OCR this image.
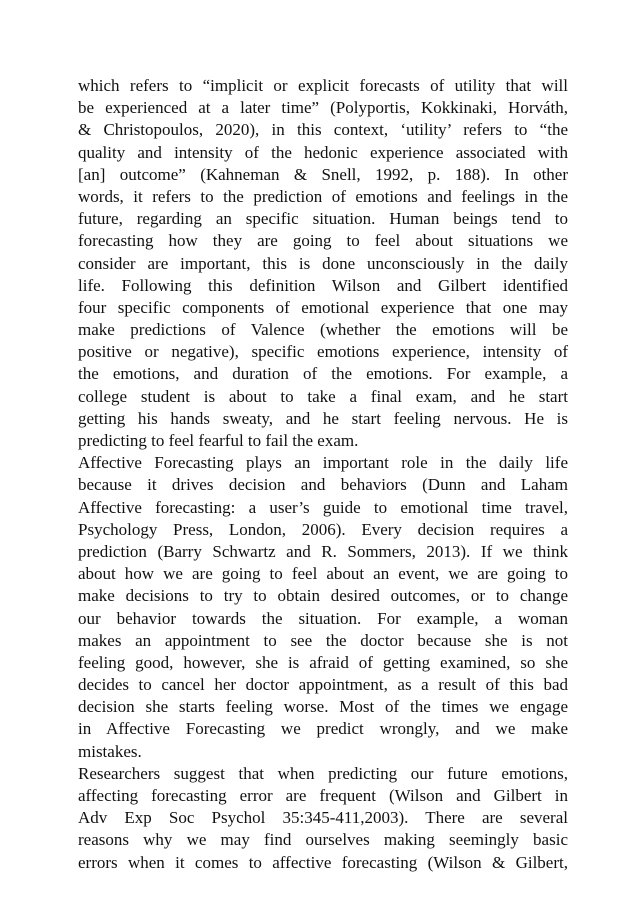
which refers to “implicit or explicit forecasts of utility that will
be experienced at a later time” (Polyportis, Kokkinaki, Horváth,
& Christopoulos, 2020), in this context, ‘utility’ refers to “the
quality and intensity of the hedonic experience associated with
[an] outcome” (Kahneman & Snell, 1992, p. 188). In other
words, it refers to the prediction of emotions and feelings in the
future, regarding an specific situation. Human beings tend to
forecasting how they are going to feel about situations we
consider are important, this is done unconsciously in the daily
life. Following this definition Wilson and Gilbert identified
four specific components of emotional experience that one may
make predictions of Valence (whether the emotions will be
positive or negative), specific emotions experience, intensity of
the emotions, and duration of the emotions. For example, a
college student is about to take a final exam, and he start
getting his hands sweaty, and he start feeling nervous. He is
predicting to feel fearful to fail the exam.
Affective Forecasting plays an important role in the daily life
because it drives decision and behaviors (Dunn and Laham
Affective forecasting: a user’s guide to emotional time travel,
Psychology Press, London, 2006). Every decision requires a
prediction (Barry Schwartz and R. Sommers, 2013). If we think
about how we are going to feel about an event, we are going to
make decisions to try to obtain desired outcomes, or to change
our behavior towards the situation. For example, a woman
makes an appointment to see the doctor because she is not
feeling good, however, she is afraid of getting examined, so she
decides to cancel her doctor appointment, as a result of this bad
decision she starts feeling worse. Most of the times we engage
in Affective Forecasting we predict wrongly, and we make
mistakes.
Researchers suggest that when predicting our future emotions,
affecting forecasting error are frequent (Wilson and Gilbert in
Adv Exp Soc Psychol 35:345-411,2003). There are several
reasons why we may find ourselves making seemingly basic
errors when it comes to affective forecasting (Wilson & Gilbert,
